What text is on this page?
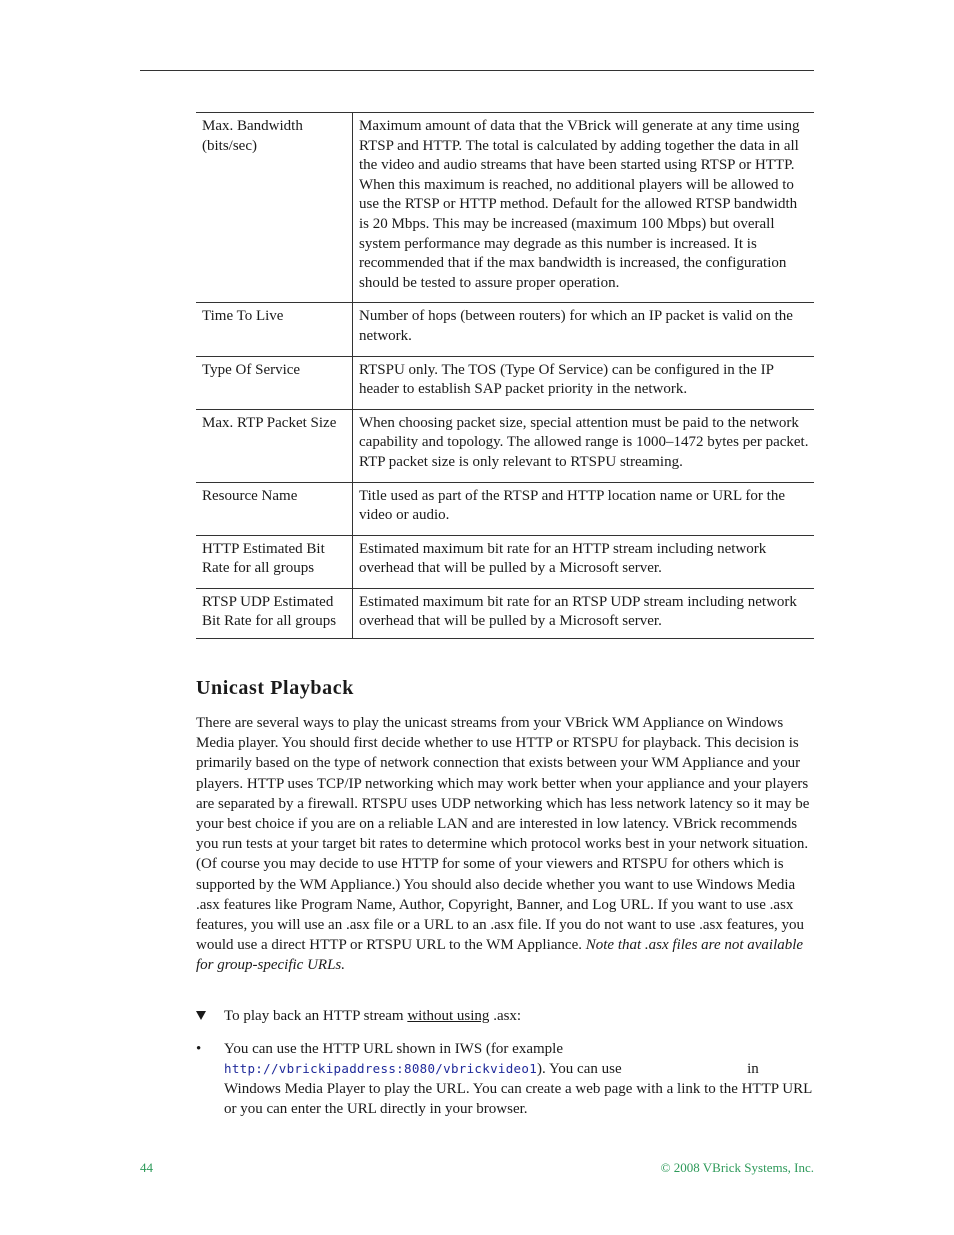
Max. Bandwidth (bits/sec)	Maximum amount of data that the VBrick will generate at any time using RTSP and HTTP. The total is calculated by adding together the data in all the video and audio streams that have been started using RTSP or HTTP. When this maximum is reached, no additional players will be allowed to use the RTSP or HTTP method. Default for the allowed RTSP bandwidth is 20 Mbps. This may be increased (maximum 100 Mbps) but overall system performance may degrade as this number is increased. It is recommended that if the max bandwidth is increased, the configuration should be tested to assure proper operation.
Time To Live	Number of hops (between routers) for which an IP packet is valid on the network.
Type Of Service	RTSPU only. The TOS (Type Of Service) can be configured in the IP header to establish SAP packet priority in the network.
Max. RTP Packet Size	When choosing packet size, special attention must be paid to the network capability and topology. The allowed range is 1000–1472 bytes per packet. RTP packet size is only relevant to RTSPU streaming.
Resource Name	Title used as part of the RTSP and HTTP location name or URL for the video or audio.
HTTP Estimated Bit Rate for all groups	Estimated maximum bit rate for an HTTP stream including network overhead that will be pulled by a Microsoft server.
RTSP UDP Estimated Bit Rate for all groups	Estimated maximum bit rate for an RTSP UDP stream including network overhead that will be pulled by a Microsoft server.
Unicast Playback

There are several ways to play the unicast streams from your VBrick WM Appliance on Windows Media player. You should first decide whether to use HTTP or RTSPU for playback. This decision is primarily based on the type of network connection that exists between your WM Appliance and your players. HTTP uses TCP/IP networking which may work better when your appliance and your players are separated by a firewall. RTSPU uses UDP networking which has less network latency so it may be your best choice if you are on a reliable LAN and are interested in low latency. VBrick recommends you run tests at your target bit rates to determine which protocol works best in your network situation. (Of course you may decide to use HTTP for some of your viewers and RTSPU for others which is supported by the WM Appliance.) You should also decide whether you want to use Windows Media .asx features like Program Name, Author, Copyright, Banner, and Log URL. If you want to use .asx features, you will use an .asx file or a URL to an .asx file. If you do not want to use .asx features, you would use a direct HTTP or RTSPU URL to the WM Appliance. Note that .asx files are not available for group-specific URLs.

To play back an HTTP stream without using .asx:
• You can use the HTTP URL shown in IWS (for example http://vbrickipaddress:8080/vbrickvideo1). You can use	in Windows Media Player to play the URL. You can create a web page with a link to the HTTP URL or you can enter the URL directly in your browser.
44	© 2008 VBrick Systems, Inc.
